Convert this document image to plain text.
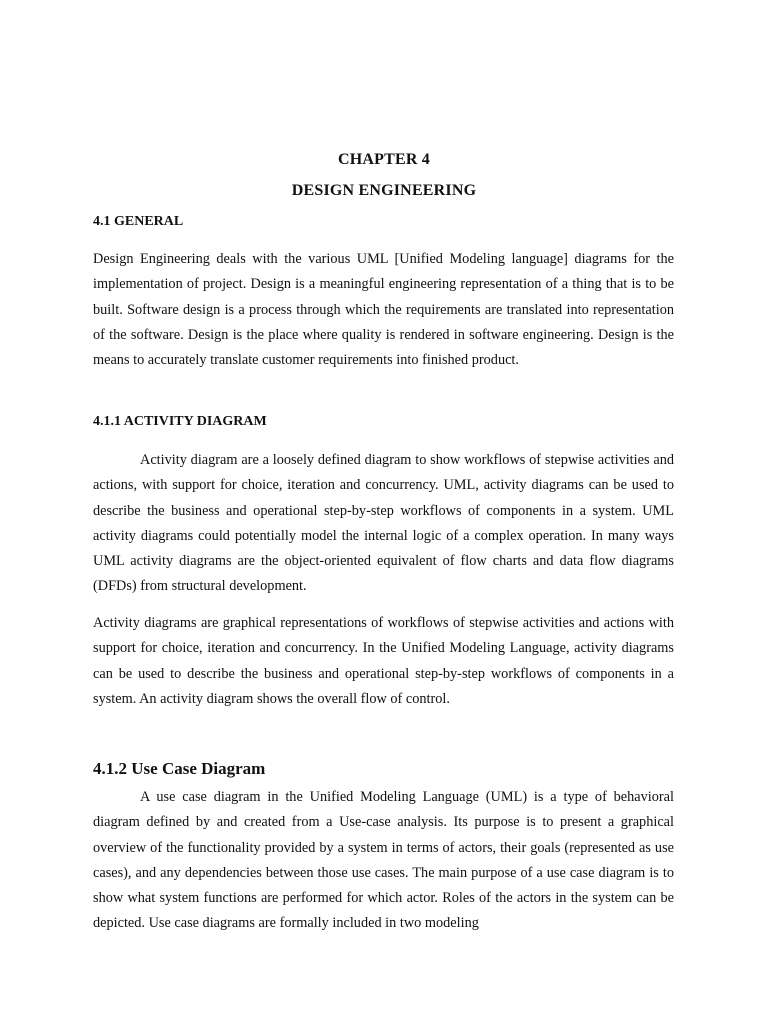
CHAPTER 4
DESIGN ENGINEERING
4.1 GENERAL

Design Engineering deals with the various UML [Unified Modeling language] diagrams for the implementation of project. Design is a meaningful engineering representation of a thing that is to be built. Software design is a process through which the requirements are translated into representation of the software. Design is the place where quality is rendered in software engineering. Design is the means to accurately translate customer requirements into finished product.

4.1.1 ACTIVITY DIAGRAM

Activity diagram are a loosely defined diagram to show workflows of stepwise activities and actions, with support for choice, iteration and concurrency. UML, activity diagrams can be used to describe the business and operational step-by-step workflows of components in a system. UML activity diagrams could potentially model the internal logic of a complex operation. In many ways UML activity diagrams are the object-oriented equivalent of flow charts and data flow diagrams (DFDs) from structural development.

Activity diagrams are graphical representations of workflows of stepwise activities and actions with support for choice, iteration and concurrency. In the Unified Modeling Language, activity diagrams can be used to describe the business and operational step-by-step workflows of components in a system. An activity diagram shows the overall flow of control.

4.1.2 Use Case Diagram

A use case diagram in the Unified Modeling Language (UML) is a type of behavioral diagram defined by and created from a Use-case analysis. Its purpose is to present a graphical overview of the functionality provided by a system in terms of actors, their goals (represented as use cases), and any dependencies between those use cases. The main purpose of a use case diagram is to show what system functions are performed for which actor. Roles of the actors in the system can be depicted. Use case diagrams are formally included in two modeling
